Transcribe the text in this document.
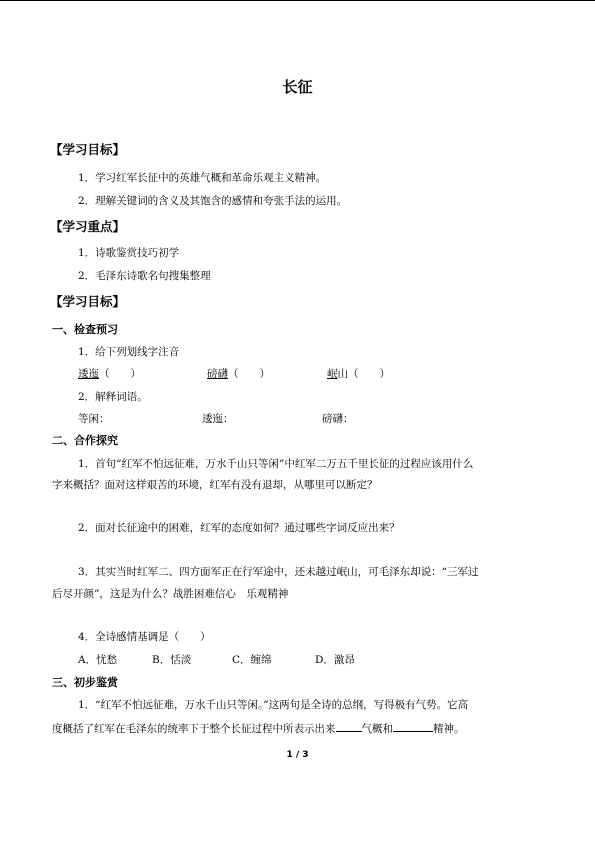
长征
【学习目标】
1．学习红军长征中的英雄气概和革命乐观主义精神。
2．理解关键词的含义及其饱含的感情和夸张手法的运用。
【学习重点】
1．诗歌鉴赏技巧初学
2．毛泽东诗歌名句搜集整理
【学习目标】
一、检查预习
1．给下列划线字注音
逶迤（　　）	磅礴（　　）	岷山（　　）
2．解释词语。
等闲：	逶迤：	磅礴：
二、合作探究
1．首句“红军不怕远征难，万水千山只等闲”中红军二万五千里长征的过程应该用什么
字来概括？面对这样艰苦的环境，红军有没有退却，从哪里可以断定？
2．面对长征途中的困难，红军的态度如何？通过哪些字词反应出来？
3．其实当时红军二、四方面军正在行军途中，还未越过岷山，可毛泽东却说：“三军过
后尽开颜”，这是为什么？战胜困难信心　乐观精神
4．全诗感情基调是（　　）
A．忧愁	B．恬淡	C．缠绵	D．激昂
三、初步鉴赏
1．“红军不怕远征难，万水千山只等闲。”这两句是全诗的总纲，写得极有气势。它高
度概括了红军在毛泽东的统率下于整个长征过程中所表示出来 气概和	精神。
1 / 3
